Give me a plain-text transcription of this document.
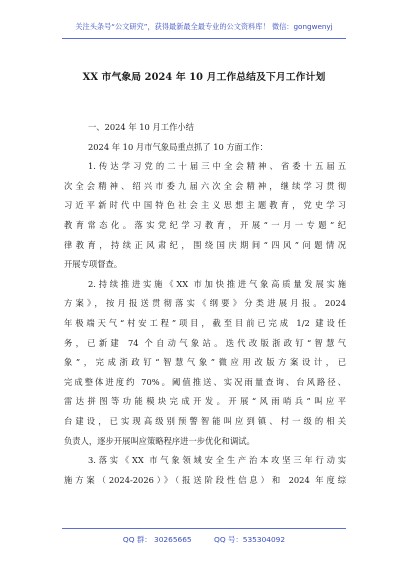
关注头条号“公文研究”，获得最新最全最专业的公文资料库！ 微信：gongwenyj
XX 市气象局 2024 年 10 月工作总结及下月工作计划
一、2024 年 10 月工作小结
2024 年 10 月市气象局重点抓了 10 方面工作：
1.传达学习党的二十届三中全会精神、省委十五届五
次全会精神、绍兴市委九届六次全会精神，继续学习贯彻
习近平新时代中国特色社会主义思想主题教育，党史学习
教育常态化。落实党纪学习教育，开展“一月一专题”纪
律教育，持续正风肃纪，围绕国庆期间“四风”问题情况
开展专项督查。
2.持续推进实施《XX 市加快推进气象高质量发展实施
方案》，按月报送贯彻落实《纲要》分类进展月报。2024
年极端天气“村安工程”项目，截至目前已完成 1/2 建设任
务，已新建 74 个自动气象站。迭代改版浙政钉“智慧气
象”，完成浙政钉“智慧气象”微应用改版方案设计，已
完成整体进度约 70%。阈值推送、实况雨量查询、台风路径、
雷达拼图等功能模块完成开发。开展“风雨哨兵”叫应平
台建设，已实现高级别预警智能叫应到镇、村一级的相关
负责人，逐步开展叫应策略程序进一步优化和调试。
3.落实《XX 市气象领域安全生产治本攻坚三年行动实
施方案（2024-2026）》（报送阶段性信息）和 2024 年度综
QQ 群： 30265665	QQ 号：535304092
